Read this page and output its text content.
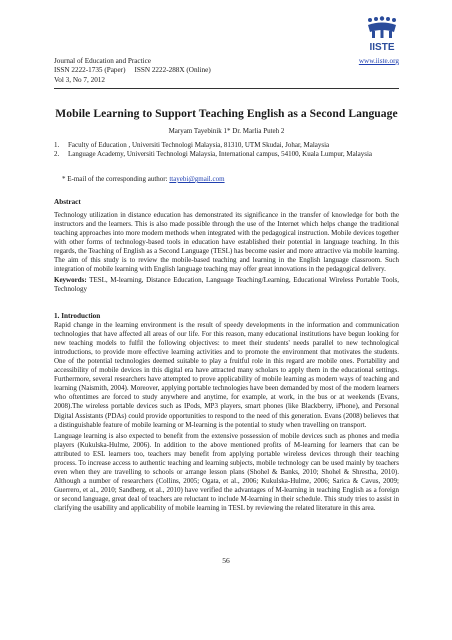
IISTE
Journal of Education and Practice	www.iiste.org
ISSN 2222-1735 (Paper)     ISSN 2222-288X (Online)
Vol 3, No 7, 2012
Mobile Learning to Support Teaching English as a Second Language
Maryam Tayebinik 1* Dr. Marlia Puteh 2
1.	Faculty of Education , Universiti Technologi Malaysia, 81310, UTM Skudai, Johar, Malaysia
2.	Language Academy, Universiti Technologi Malaysia, International campus, 54100, Kuala Lumpur, Malaysia
* E-mail of the corresponding author: ttayebi@gmail.com
Abstract

Technology utilization in distance education has demonstrated its significance in the transfer of knowledge for both the instructors and the learners. This is also made possible through the use of the Internet which helps change the traditional teaching approaches into more modern methods when integrated with the pedagogical instruction. Mobile devices together with other forms of technology-based tools in education have established their potential in language teaching. In this regards, the Teaching of English as a Second Language (TESL) has become easier and more attractive via mobile learning. The aim of this study is to review the mobile-based teaching and learning in the English language classroom. Such integration of mobile learning with English language teaching may offer great innovations in the pedagogical delivery.

Keywords: TESL, M-learning, Distance Education, Language Teaching/Learning, Educational Wireless Portable Tools, Technology

1. Introduction

Rapid change in the learning environment is the result of speedy developments in the information and communication technologies that have affected all areas of our life. For this reason, many educational institutions have begun looking for new teaching models to fulfil the following objectives: to meet their students' needs parallel to new technological introductions, to provide more effective learning activities and to promote the environment that motivates the students. One of the potential technologies deemed suitable to play a fruitful role in this regard are mobile ones. Portability and accessibility of mobile devices in this digital era have attracted many scholars to apply them in the educational settings. Furthermore, several researchers have attempted to prove applicability of mobile learning as modern ways of teaching and learning (Naismith, 2004). Moreover, applying portable technologies have been demanded by most of the modern learners who oftentimes are forced to study anywhere and anytime, for example, at work, in the bus or at weekends (Evans, 2008).The wireless portable devices such as IPods, MP3 players, smart phones (like Blackberry, iPhone), and Personal Digital Assistants (PDAs) could provide opportunities to respond to the need of this generation. Evans (2008) believes that a distinguishable feature of mobile learning or M-learning is the potential to study when travelling on transport.

Language learning is also expected to benefit from the extensive possession of mobile devices such as phones and media players (Kukulska-Hulme, 2006). In addition to the above mentioned profits of M-learning for learners that can be attributed to ESL learners too, teachers may benefit from applying portable wireless devices through their teaching process. To increase access to authentic teaching and learning subjects, mobile technology can be used mainly by teachers even when they are travelling to schools or arrange lesson plans (Shohel & Banks, 2010; Shohel & Shrestha, 2010). Although a number of researchers (Collins, 2005; Ogata, et al., 2006; Kukulska-Hulme, 2006; Sarica & Cavus, 2009; Guerrero, et al., 2010; Sandberg, et al., 2010) have verified the advantages of M-learning in teaching English as a foreign or second language, great deal of teachers are reluctant to include M-learning in their schedule. This study tries to assist in clarifying the usability and applicability of mobile learning in TESL by reviewing the related literature in this area.

56
